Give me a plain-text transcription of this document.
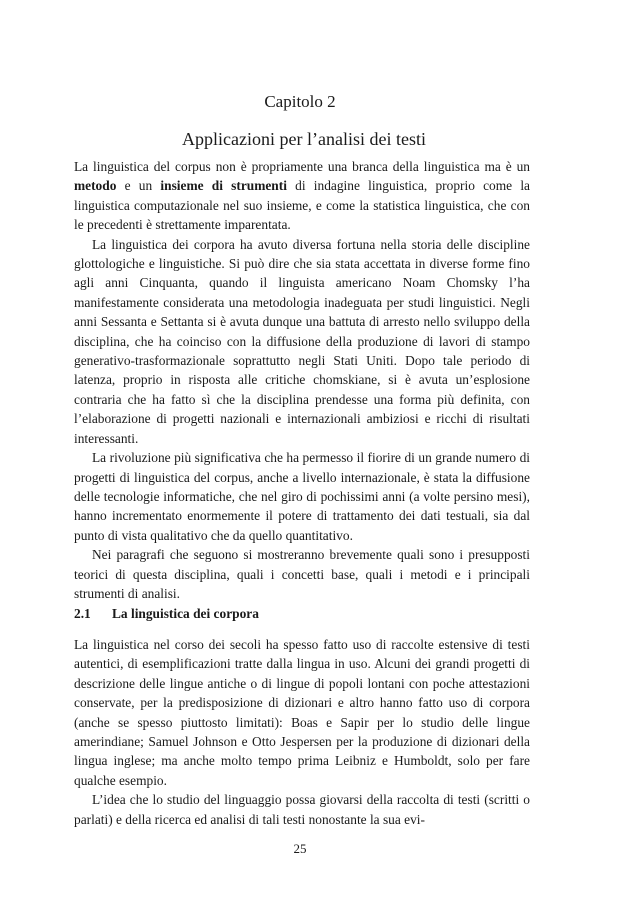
Capitolo 2
Applicazioni per l’analisi dei testi

La linguistica del corpus non è propriamente una branca della linguistica ma è un metodo e un insieme di strumenti di indagine linguistica, proprio come la linguistica computazionale nel suo insieme, e come la statistica linguistica, che con le precedenti è strettamente imparentata.

La linguistica dei corpora ha avuto diversa fortuna nella storia delle discipline glottologiche e linguistiche. Si può dire che sia stata accettata in diverse forme fino agli anni Cinquanta, quando il linguista americano Noam Chomsky l’ha manifestamente considerata una metodologia inadeguata per studi linguistici. Negli anni Sessanta e Settanta si è avuta dunque una battuta di arresto nello sviluppo della disciplina, che ha coinciso con la diffusione della produzione di lavori di stampo generativo-trasformazionale soprattutto negli Stati Uniti. Dopo tale periodo di latenza, proprio in risposta alle critiche chomskiane, si è avuta un’esplosione contraria che ha fatto sì che la disciplina prendesse una forma più definita, con l’elaborazione di progetti nazionali e internazionali ambiziosi e ricchi di risultati interessanti.

La rivoluzione più significativa che ha permesso il fiorire di un grande numero di progetti di linguistica del corpus, anche a livello internazionale, è stata la diffusione delle tecnologie informatiche, che nel giro di pochissimi anni (a volte persino mesi), hanno incrementato enormemente il potere di trattamento dei dati testuali, sia dal punto di vista qualitativo che da quello quantitativo.

Nei paragrafi che seguono si mostreranno brevemente quali sono i presupposti teorici di questa disciplina, quali i concetti base, quali i metodi e i principali strumenti di analisi.

2.1 La linguistica dei corpora

La linguistica nel corso dei secoli ha spesso fatto uso di raccolte estensive di testi autentici, di esemplificazioni tratte dalla lingua in uso. Alcuni dei grandi progetti di descrizione delle lingue antiche o di lingue di popoli lontani con poche attestazioni conservate, per la predisposizione di dizionari e altro hanno fatto uso di corpora (anche se spesso piuttosto limitati): Boas e Sapir per lo studio delle lingue amerindiane; Samuel Johnson e Otto Jespersen per la produzione di dizionari della lingua inglese; ma anche molto tempo prima Leibniz e Humboldt, solo per fare qualche esempio.

L’idea che lo studio del linguaggio possa giovarsi della raccolta di testi (scritti o parlati) e della ricerca ed analisi di tali testi nonostante la sua evi-

25
